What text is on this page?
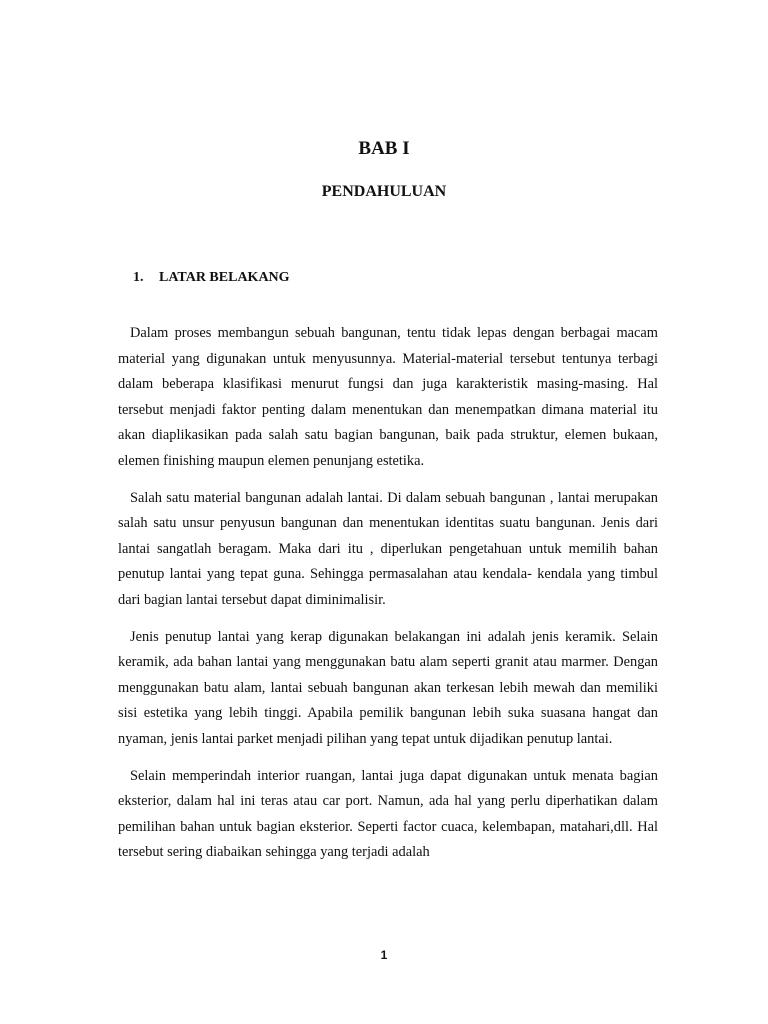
BAB I
PENDAHULUAN
1. LATAR BELAKANG

Dalam proses membangun sebuah bangunan, tentu tidak lepas dengan berbagai macam material yang digunakan untuk menyusunnya. Material-material tersebut tentunya terbagi dalam beberapa klasifikasi menurut fungsi dan juga karakteristik masing-masing. Hal tersebut menjadi faktor penting dalam menentukan dan menempatkan dimana material itu akan diaplikasikan pada salah satu bagian bangunan, baik pada struktur, elemen bukaan, elemen finishing maupun elemen penunjang estetika.

Salah satu material bangunan adalah lantai. Di dalam sebuah bangunan , lantai merupakan salah satu unsur penyusun bangunan dan menentukan identitas suatu bangunan. Jenis dari lantai sangatlah beragam. Maka dari itu , diperlukan pengetahuan untuk memilih bahan penutup lantai yang tepat guna. Sehingga permasalahan atau kendala- kendala yang timbul dari bagian lantai tersebut dapat diminimalisir.

Jenis penutup lantai yang kerap digunakan belakangan ini adalah jenis keramik. Selain keramik, ada bahan lantai yang menggunakan batu alam seperti granit atau marmer. Dengan menggunakan batu alam, lantai sebuah bangunan akan terkesan lebih mewah dan memiliki sisi estetika yang lebih tinggi. Apabila pemilik bangunan lebih suka suasana hangat dan nyaman, jenis lantai parket menjadi pilihan yang tepat untuk dijadikan penutup lantai.

Selain memperindah interior ruangan, lantai juga dapat digunakan untuk menata bagian eksterior, dalam hal ini teras atau car port. Namun, ada hal yang perlu diperhatikan dalam pemilihan bahan untuk bagian eksterior. Seperti factor cuaca, kelembapan, matahari,dll. Hal tersebut sering diabaikan sehingga yang terjadi adalah

1
